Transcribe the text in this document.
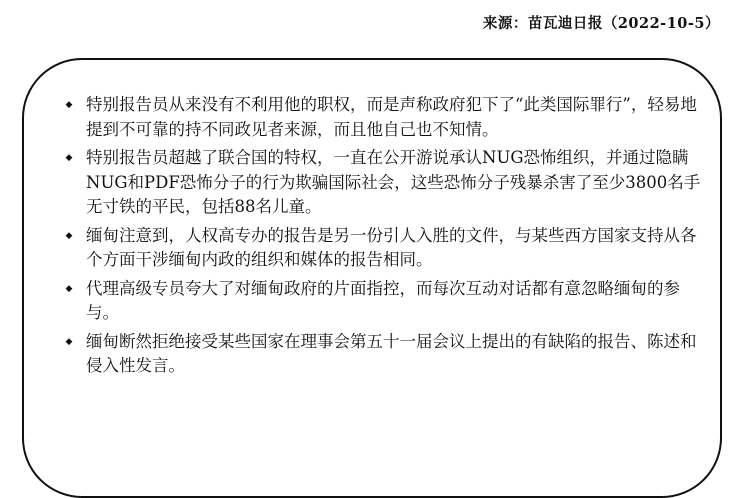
来源：苗瓦迪日报（2022-10-5）
◆ 特别报告员从来没有不利用他的职权，而是声称政府犯下了“此类国际罪行”，轻易地提到不可靠的持不同政见者来源，而且他自己也不知情。
◆ 特别报告员超越了联合国的特权，一直在公开游说承认NUG恐怖组织，并通过隐瞒NUG和PDF恐怖分子的行为欺骗国际社会，这些恐怖分子残暴杀害了至少3800名手无寸铁的平民，包括88名儿童。
◆ 缅甸注意到，人权高专办的报告是另一份引人入胜的文件，与某些西方国家支持从各个方面干涉缅甸内政的组织和媒体的报告相同。
◆ 代理高级专员夸大了对缅甸政府的片面指控，而每次互动对话都有意忽略缅甸的参与。
◆ 缅甸断然拒绝接受某些国家在理事会第五十一届会议上提出的有缺陷的报告、陈述和侵入性发言。
